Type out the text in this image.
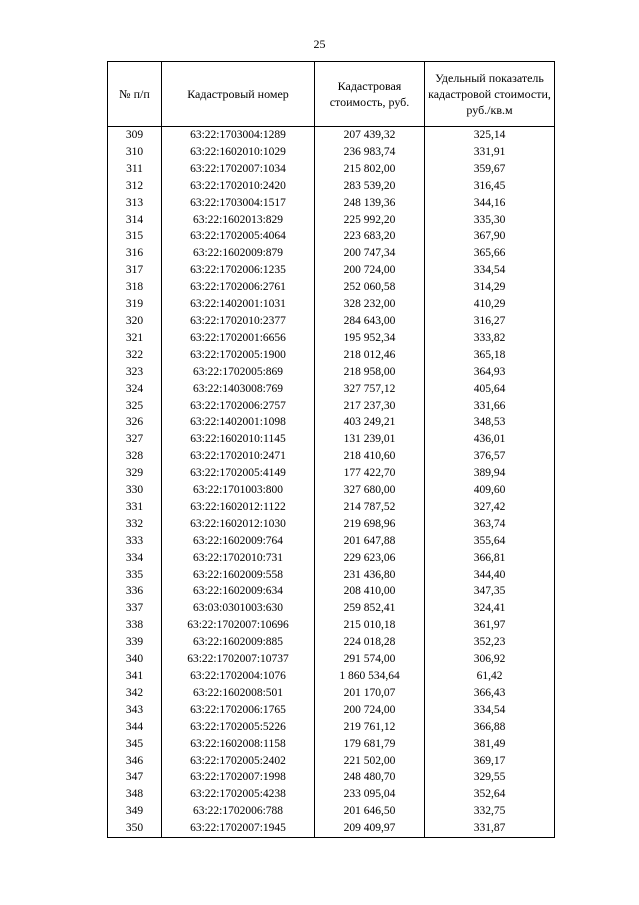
25
№ п/п	Кадастровый номер	Кадастровая стоимость, руб.	Удельный показатель кадастровой стоимости, руб./кв.м
309	63:22:1703004:1289	207 439,32	325,14
310	63:22:1602010:1029	236 983,74	331,91
311	63:22:1702007:1034	215 802,00	359,67
312	63:22:1702010:2420	283 539,20	316,45
313	63:22:1703004:1517	248 139,36	344,16
314	63:22:1602013:829	225 992,20	335,30
315	63:22:1702005:4064	223 683,20	367,90
316	63:22:1602009:879	200 747,34	365,66
317	63:22:1702006:1235	200 724,00	334,54
318	63:22:1702006:2761	252 060,58	314,29
319	63:22:1402001:1031	328 232,00	410,29
320	63:22:1702010:2377	284 643,00	316,27
321	63:22:1702001:6656	195 952,34	333,82
322	63:22:1702005:1900	218 012,46	365,18
323	63:22:1702005:869	218 958,00	364,93
324	63:22:1403008:769	327 757,12	405,64
325	63:22:1702006:2757	217 237,30	331,66
326	63:22:1402001:1098	403 249,21	348,53
327	63:22:1602010:1145	131 239,01	436,01
328	63:22:1702010:2471	218 410,60	376,57
329	63:22:1702005:4149	177 422,70	389,94
330	63:22:1701003:800	327 680,00	409,60
331	63:22:1602012:1122	214 787,52	327,42
332	63:22:1602012:1030	219 698,96	363,74
333	63:22:1602009:764	201 647,88	355,64
334	63:22:1702010:731	229 623,06	366,81
335	63:22:1602009:558	231 436,80	344,40
336	63:22:1602009:634	208 410,00	347,35
337	63:03:0301003:630	259 852,41	324,41
338	63:22:1702007:10696	215 010,18	361,97
339	63:22:1602009:885	224 018,28	352,23
340	63:22:1702007:10737	291 574,00	306,92
341	63:22:1702004:1076	1 860 534,64	61,42
342	63:22:1602008:501	201 170,07	366,43
343	63:22:1702006:1765	200 724,00	334,54
344	63:22:1702005:5226	219 761,12	366,88
345	63:22:1602008:1158	179 681,79	381,49
346	63:22:1702005:2402	221 502,00	369,17
347	63:22:1702007:1998	248 480,70	329,55
348	63:22:1702005:4238	233 095,04	352,64
349	63:22:1702006:788	201 646,50	332,75
350	63:22:1702007:1945	209 409,97	331,87
